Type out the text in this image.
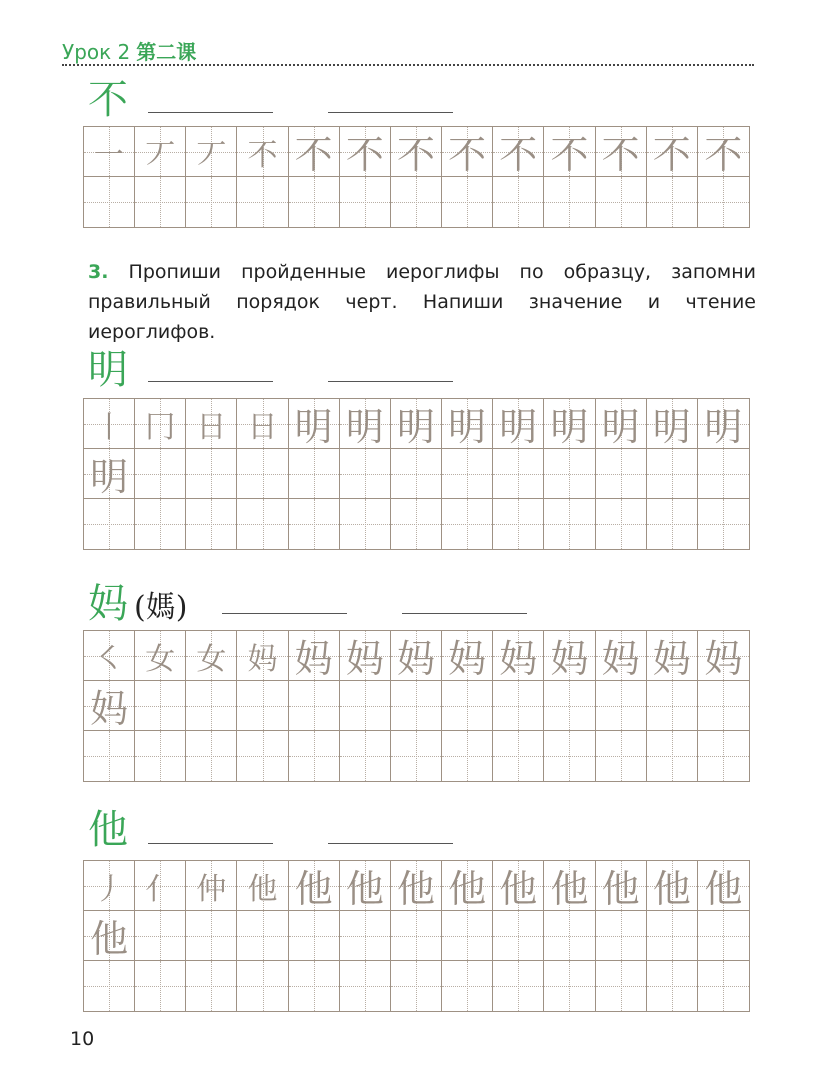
Урок 2 第二课
3. Пропиши пройденные иероглифы по образцу, запомни правильный порядок черт. Напиши значение и чтение иероглифов.
不
一 丆 丆 不 不 不 不 不 不 不 不 不 不
明
丨 冂 日 日 明 明 明 明 明 明 明 明 明
明
妈 (媽)
㇛ 女 女 妈 妈 妈 妈 妈 妈 妈 妈 妈 妈
妈
他
丿 亻 仲 他 他 他 他 他 他 他 他 他 他
他
10
